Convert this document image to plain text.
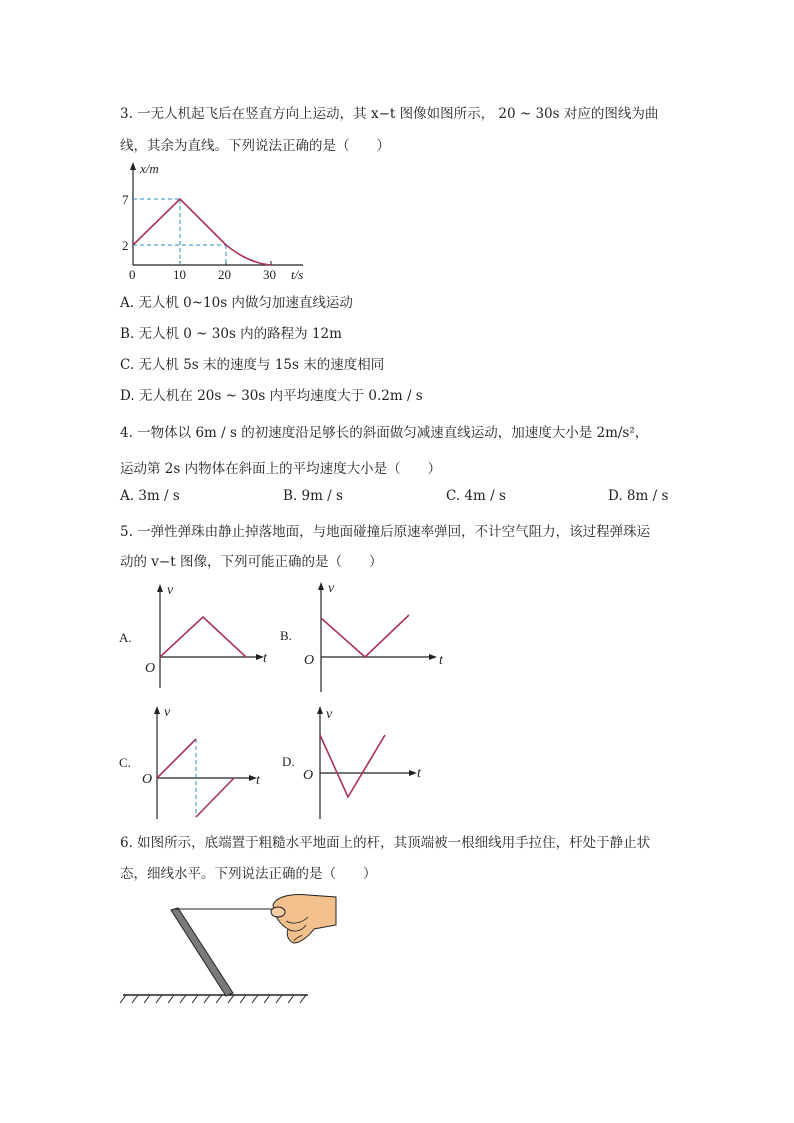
3. 一无人机起飞后在竖直方向上运动，其 x−t 图像如图所示， 20 ~ 30s 对应的图线为曲
线，其余为直线。下列说法正确的是（　　）
x/m
7
2
0	10 20 30 t/s
A. 无人机 0~10s 内做匀加速直线运动
B. 无人机 0 ~ 30s 内的路程为 12m
C. 无人机 5s 末的速度与 15s 末的速度相同
D. 无人机在 20s ~ 30s 内平均速度大于 0.2m / s
4. 一物体以 6m / s 的初速度沿足够长的斜面做匀减速直线运动，加速度大小是 2m/s²，
运动第 2s 内物体在斜面上的平均速度大小是（　　）
A. 3m / s	B. 9m / s	C. 4m / s	D. 8m / s
5. 一弹性弹珠由静止掉落地面，与地面碰撞后原速率弹回，不计空气阻力，该过程弹珠运
动的 v−t 图像，下列可能正确的是（　　）
v
t
O
A.
v
t
O
B.
v
t
O
C.
v
t
O
D.
6. 如图所示，底端置于粗糙水平地面上的杆，其顶端被一根细线用手拉住，杆处于静止状
态，细线水平。下列说法正确的是（　　）
